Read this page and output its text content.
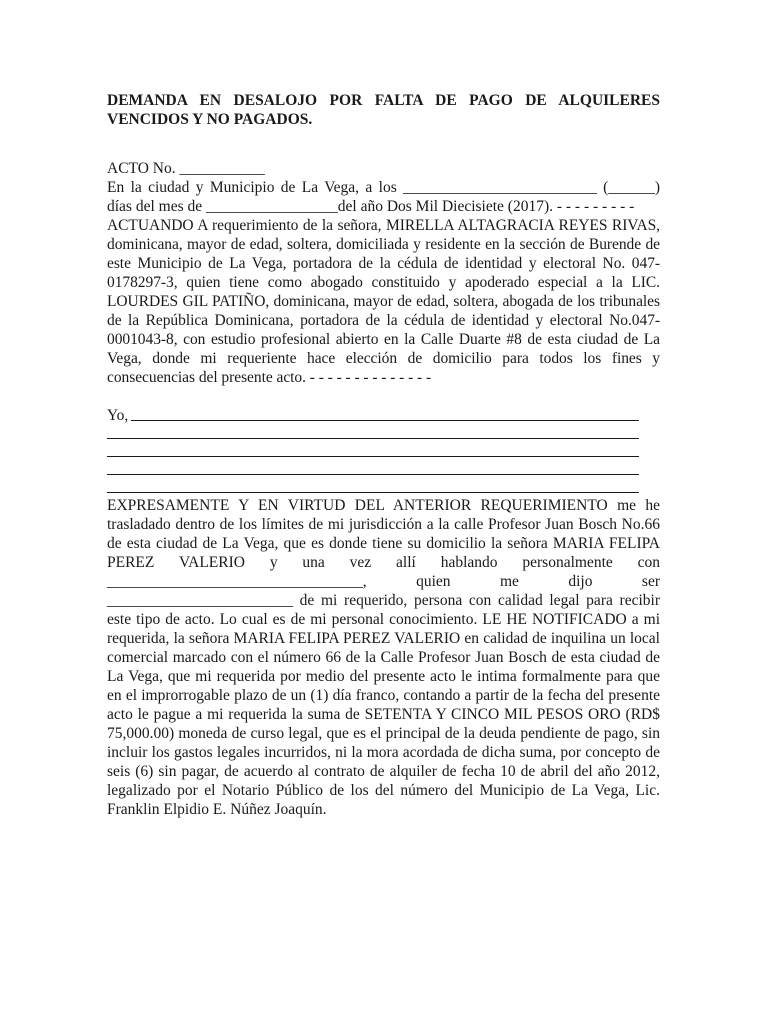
DEMANDA EN DESALOJO POR FALTA DE PAGO DE ALQUILERES VENCIDOS Y NO PAGADOS.

ACTO No. ___________

En la ciudad y Municipio de La Vega, a los _________________________ (______) días del mes de _________________del año Dos Mil Diecisiete (2017). - - - - - - - - -

ACTUANDO A requerimiento de la señora, MIRELLA ALTAGRACIA REYES RIVAS, dominicana, mayor de edad, soltera, domiciliada y residente en la sección de Burende de este Municipio de La Vega, portadora de la cédula de identidad y electoral No. 047-0178297-3, quien tiene como abogado constituido y apoderado especial a la LIC. LOURDES GIL PATIÑO, dominicana, mayor de edad, soltera, abogada de los tribunales de la República Dominicana, portadora de la cédula de identidad y electoral No.047-0001043-8, con estudio profesional abierto en la Calle Duarte #8 de esta ciudad de La Vega, donde mi requeriente hace elección de domicilio para todos los fines y consecuencias del presente acto. - - - - - - - - - - - - - -

Yo,

EXPRESAMENTE Y EN VIRTUD DEL ANTERIOR REQUERIMIENTO me he trasladado dentro de los límites de mi jurisdicción a la calle Profesor Juan Bosch No.66 de esta ciudad de La Vega, que es donde tiene su domicilio la señora MARIA FELIPA PEREZ VALERIO y una vez allí hablando personalmente con _________________________________, quien me dijo ser ________________________ de mi requerido, persona con calidad legal para recibir este tipo de acto. Lo cual es de mi personal conocimiento. LE HE NOTIFICADO a mi requerida, la señora MARIA FELIPA PEREZ VALERIO en calidad de inquilina un local comercial marcado con el número 66 de la Calle Profesor Juan Bosch de esta ciudad de La Vega, que mi requerida por medio del presente acto le intima formalmente para que en el improrrogable plazo de un (1) día franco, contando a partir de la fecha del presente acto le pague a mi requerida la suma de SETENTA Y CINCO MIL PESOS ORO (RD$ 75,000.00) moneda de curso legal, que es el principal de la deuda pendiente de pago, sin incluir los gastos legales incurridos, ni la mora acordada de dicha suma, por concepto de seis (6) sin pagar, de acuerdo al contrato de alquiler de fecha 10 de abril del año 2012, legalizado por el Notario Público de los del número del Municipio de La Vega, Lic. Franklin Elpidio E. Núñez Joaquín.
